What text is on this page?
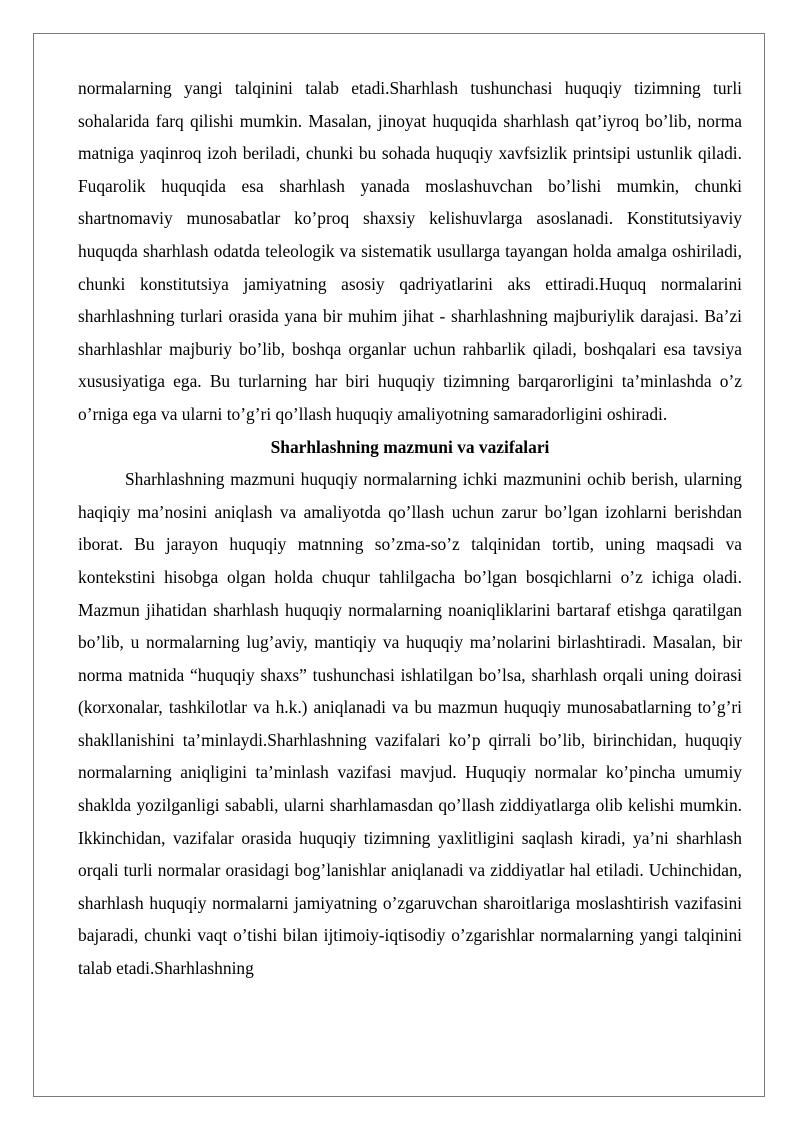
normalarning yangi talqinini talab etadi.Sharhlash tushunchasi huquqiy tizimning turli sohalarida farq qilishi mumkin. Masalan, jinoyat huquqida sharhlash qat’iyroq bo’lib, norma matniga yaqinroq izoh beriladi, chunki bu sohada huquqiy xavfsizlik printsipi ustunlik qiladi. Fuqarolik huquqida esa sharhlash yanada moslashuvchan bo’lishi mumkin, chunki shartnomaviy munosabatlar ko’proq shaxsiy kelishuvlarga asoslanadi. Konstitutsiyaviy huquqda sharhlash odatda teleologik va sistematik usullarga tayangan holda amalga oshiriladi, chunki konstitutsiya jamiyatning asosiy qadriyatlarini aks ettiradi.Huquq normalarini sharhlashning turlari orasida yana bir muhim jihat - sharhlashning majburiylik darajasi. Ba’zi sharhlashlar majburiy bo’lib, boshqa organlar uchun rahbarlik qiladi, boshqalari esa tavsiya xususiyatiga ega. Bu turlarning har biri huquqiy tizimning barqarorligini ta’minlashda o’z o’rniga ega va ularni to’g’ri qo’llash huquqiy amaliyotning samaradorligini oshiradi.

Sharhlashning mazmuni va vazifalari

Sharhlashning mazmuni huquqiy normalarning ichki mazmunini ochib berish, ularning haqiqiy ma’nosini aniqlash va amaliyotda qo’llash uchun zarur bo’lgan izohlarni berishdan iborat. Bu jarayon huquqiy matnning so’zma-so’z talqinidan tortib, uning maqsadi va kontekstini hisobga olgan holda chuqur tahlilgacha bo’lgan bosqichlarni o’z ichiga oladi. Mazmun jihatidan sharhlash huquqiy normalarning noaniqliklarini bartaraf etishga qaratilgan bo’lib, u normalarning lug’aviy, mantiqiy va huquqiy ma’nolarini birlashtiradi. Masalan, bir norma matnida “huquqiy shaxs” tushunchasi ishlatilgan bo’lsa, sharhlash orqali uning doirasi (korxonalar, tashkilotlar va h.k.) aniqlanadi va bu mazmun huquqiy munosabatlarning to’g’ri shakllanishini ta’minlaydi.Sharhlashning vazifalari ko’p qirrali bo’lib, birinchidan, huquqiy normalarning aniqligini ta’minlash vazifasi mavjud. Huquqiy normalar ko’pincha umumiy shaklda yozilganligi sababli, ularni sharhlamasdan qo’llash ziddiyatlarga olib kelishi mumkin. Ikkinchidan, vazifalar orasida huquqiy tizimning yaxlitligini saqlash kiradi, ya’ni sharhlash orqali turli normalar orasidagi bog’lanishlar aniqlanadi va ziddiyatlar hal etiladi. Uchinchidan, sharhlash huquqiy normalarni jamiyatning o’zgaruvchan sharoitlariga moslashtirish vazifasini bajaradi, chunki vaqt o’tishi bilan ijtimoiy-iqtisodiy o’zgarishlar normalarning yangi talqinini talab etadi.Sharhlashning
